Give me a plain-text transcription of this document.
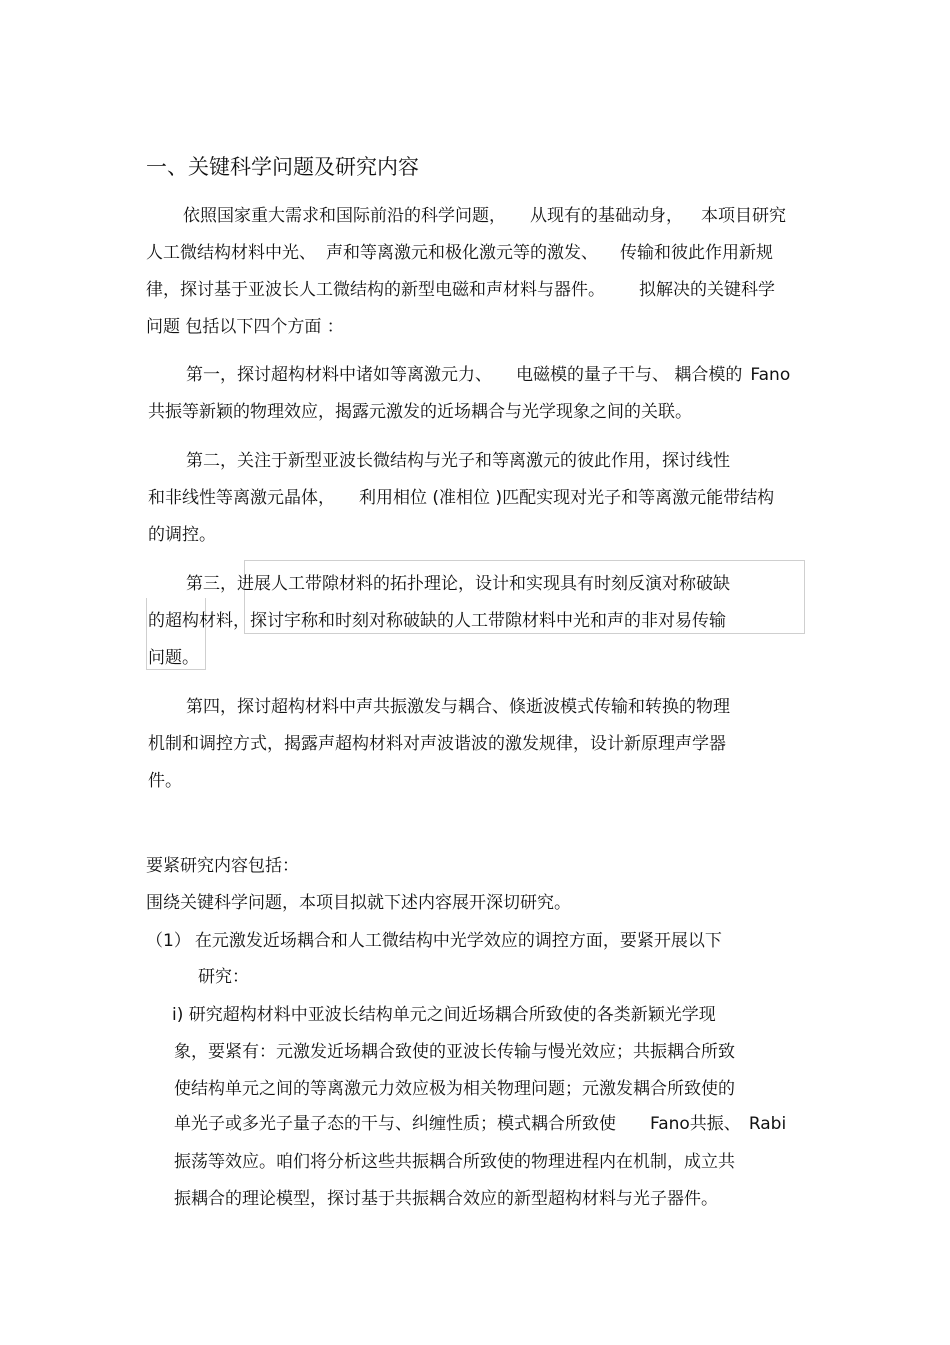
一、关键科学问题及研究内容

依照国家重大需求和国际前沿的科学问题， 从现有的基础动身， 本项目研究

人工微结构材料中光、 声和等离激元和极化激元等的激发、 传输和彼此作用新规

律，探讨基于亚波长人工微结构的新型电磁和声材料与器件。 拟解决的关键科学

问题 包括以下四个方面 ：

第一，探讨超构材料中诸如等离激元力、 电磁模的量子干与、 耦合模的 Fano

共振等新颖的物理效应，揭露元激发的近场耦合与光学现象之间的关联。

第二，关注于新型亚波长微结构与光子和等离激元的彼此作用，探讨线性

和非线性等离激元晶体， 利用相位 (准相位 )匹配实现对光子和等离激元能带结构

的调控。

第三，进展人工带隙材料的拓扑理论，设计和实现具有时刻反演对称破缺

的超构材料，探讨宇称和时刻对称破缺的人工带隙材料中光和声的非对易传输

问题。

第四，探讨超构材料中声共振激发与耦合、倏逝波模式传输和转换的物理

机制和调控方式，揭露声超构材料对声波谐波的激发规律，设计新原理声学器

件。

要紧研究内容包括：

围绕关键科学问题，本项目拟就下述内容展开深切研究。

（1） 在元激发近场耦合和人工微结构中光学效应的调控方面，要紧开展以下

研究：

i) 研究超构材料中亚波长结构单元之间近场耦合所致使的各类新颖光学现

象，要紧有：元激发近场耦合致使的亚波长传输与慢光效应；共振耦合所致

使结构单元之间的等离激元力效应极为相关物理问题；元激发耦合所致使的

单光子或多光子量子态的干与、纠缠性质；模式耦合所致使 Fano共振、 Rabi

振荡等效应。咱们将分析这些共振耦合所致使的物理进程内在机制，成立共

振耦合的理论模型，探讨基于共振耦合效应的新型超构材料与光子器件。
